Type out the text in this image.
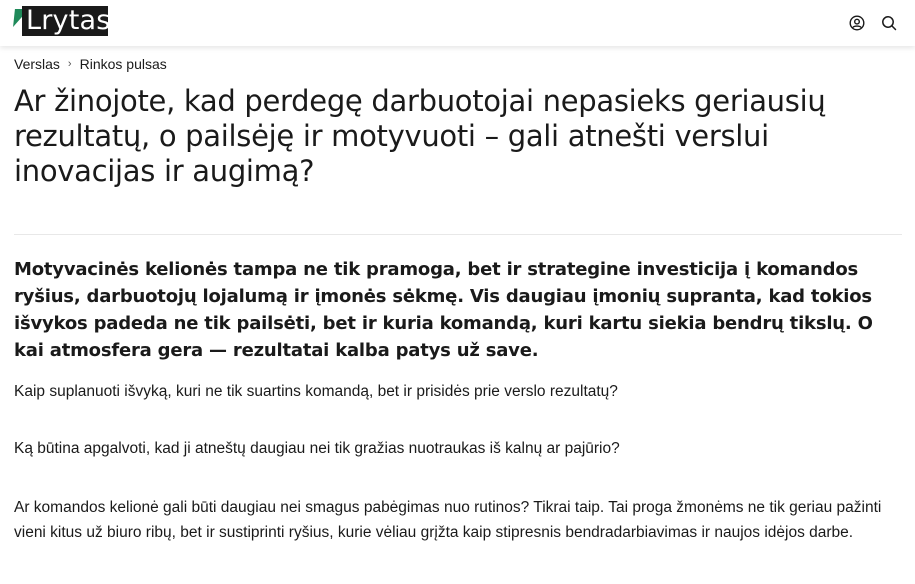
Lrytas
Verslas › Rinkos pulsas
Ar žinojote, kad perdegę darbuotojai nepasieks geriausių rezultatų, o pailsėję ir motyvuoti – gali atnešti verslui inovacijas ir augimą?

Motyvacinės kelionės tampa ne tik pramoga, bet ir strategine investicija į komandos ryšius, darbuotojų lojalumą ir įmonės sėkmę. Vis daugiau įmonių supranta, kad tokios išvykos padeda ne tik pailsėti, bet ir kuria komandą, kuri kartu siekia bendrų tikslų. O kai atmosfera gera — rezultatai kalba patys už save.

Kaip suplanuoti išvyką, kuri ne tik suartins komandą, bet ir prisidės prie verslo rezultatų?

Ką būtina apgalvoti, kad ji atneštų daugiau nei tik gražias nuotraukas iš kalnų ar pajūrio?

Ar komandos kelionė gali būti daugiau nei smagus pabėgimas nuo rutinos? Tikrai taip. Tai proga žmonėms ne tik geriau pažinti vieni kitus už biuro ribų, bet ir sustiprinti ryšius, kurie vėliau grįžta kaip stipresnis bendradarbiavimas ir naujos idėjos darbe.
